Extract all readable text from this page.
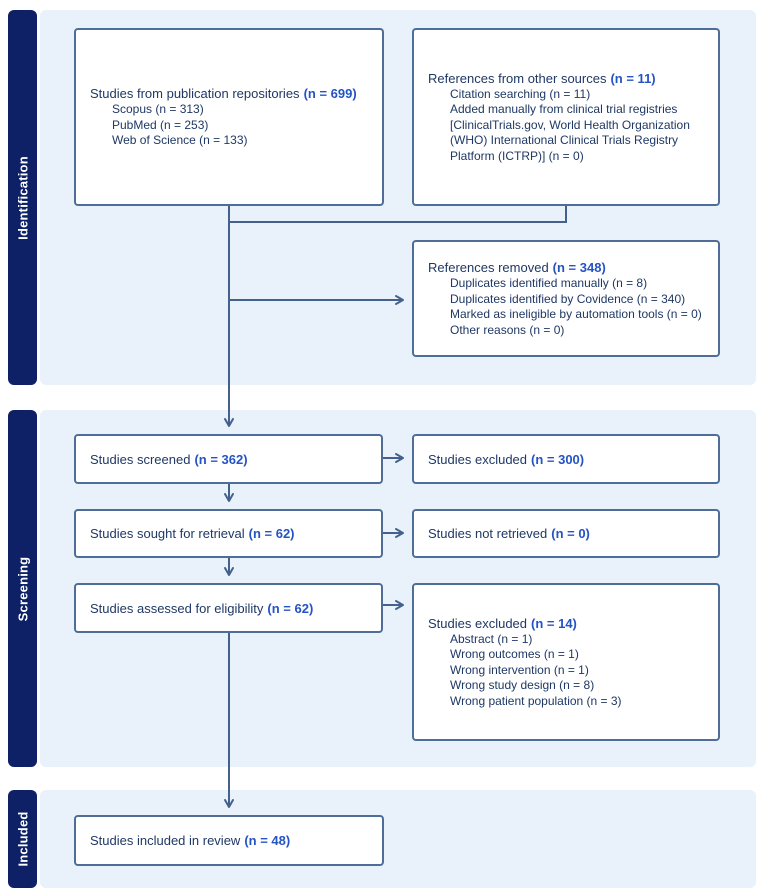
Identification
Screening
Included
Studies from publication repositories (n = 699)
Scopus (n = 313)
PubMed (n = 253)
Web of Science (n = 133)
References from other sources (n = 11)
Citation searching (n = 11)
Added manually from clinical trial registries [ClinicalTrials.gov, World Health Organization (WHO) International Clinical Trials Registry Platform (ICTRP)] (n = 0)
References removed (n = 348)
Duplicates identified manually (n = 8)
Duplicates identified by Covidence (n = 340)
Marked as ineligible by automation tools (n = 0)
Other reasons (n = 0)
Studies screened (n = 362)	Studies excluded (n = 300)
Studies sought for retrieval (n = 62)	Studies not retrieved (n = 0)
Studies assessed for eligibility (n = 62)
Studies excluded (n = 14)
Abstract (n = 1)
Wrong outcomes (n = 1)
Wrong intervention (n = 1)
Wrong study design (n = 8)
Wrong patient population (n = 3)
Studies included in review (n = 48)
